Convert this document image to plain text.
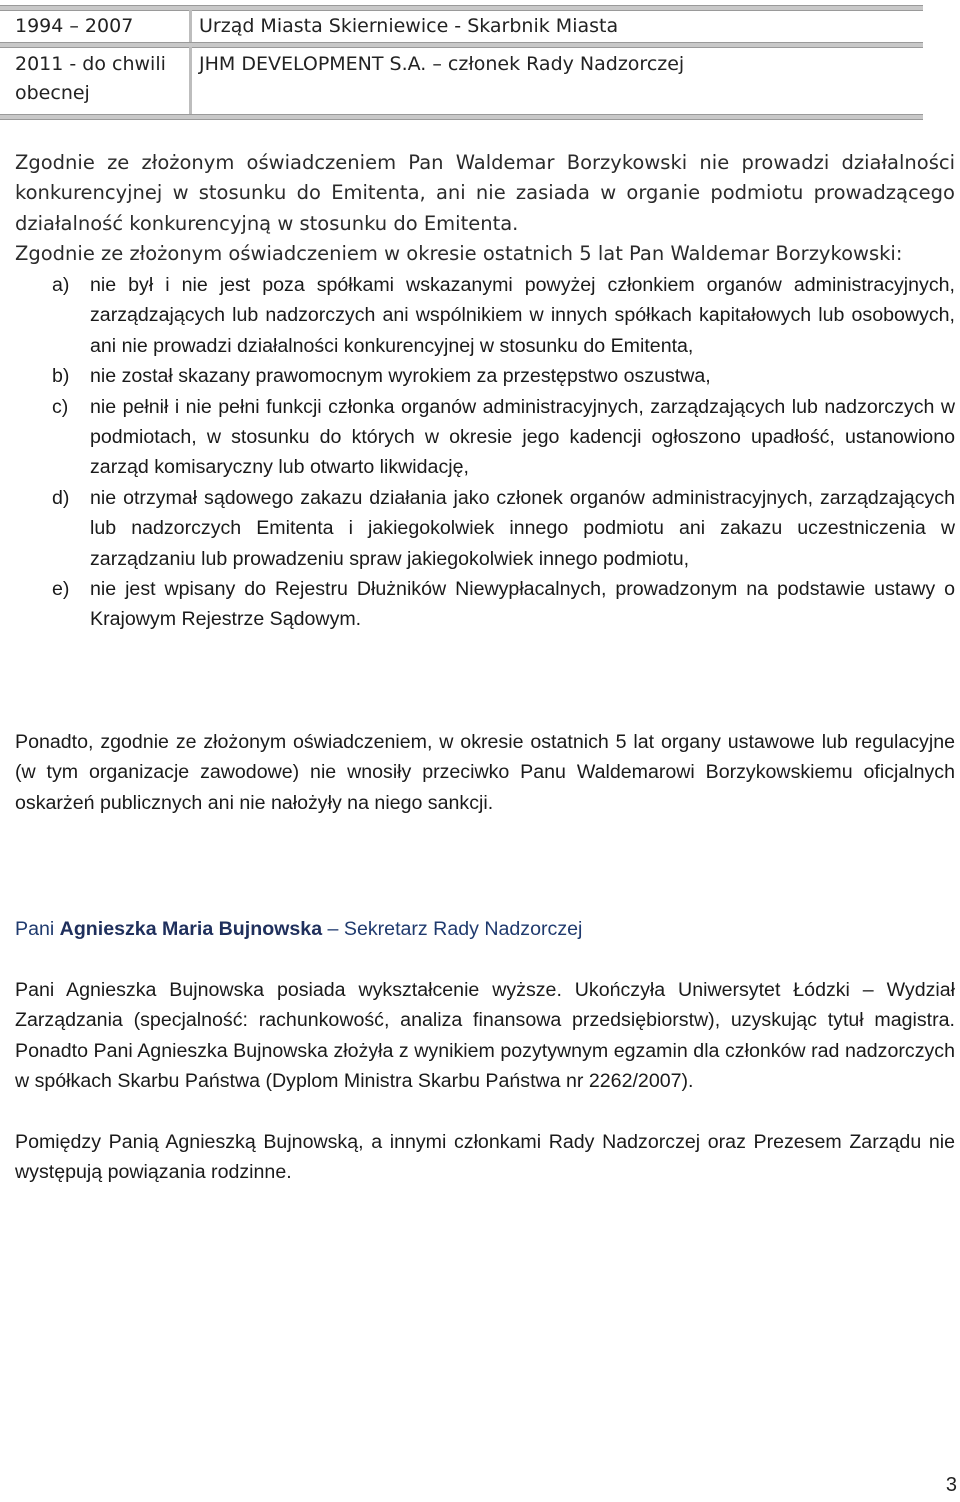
1994 – 2007	Urząd Miasta Skierniewice - Skarbnik Miasta
2011 - do chwili obecnej
JHM DEVELOPMENT S.A. – członek Rady Nadzorczej

Zgodnie ze złożonym oświadczeniem Pan Waldemar Borzykowski nie prowadzi działalności konkurencyjnej w stosunku do Emitenta, ani nie zasiada w organie podmiotu prowadzącego działalność konkurencyjną w stosunku do Emitenta.

Zgodnie ze złożonym oświadczeniem w okresie ostatnich 5 lat Pan Waldemar Borzykowski:

a) nie był i nie jest poza spółkami wskazanymi powyżej członkiem organów administracyjnych, zarządzających lub nadzorczych ani wspólnikiem w innych spółkach kapitałowych lub osobowych, ani nie prowadzi działalności konkurencyjnej w stosunku do Emitenta,
b) nie został skazany prawomocnym wyrokiem za przestępstwo oszustwa,
c) nie pełnił i nie pełni funkcji członka organów administracyjnych, zarządzających lub nadzorczych w podmiotach, w stosunku do których w okresie jego kadencji ogłoszono upadłość, ustanowiono zarząd komisaryczny lub otwarto likwidację,
d) nie otrzymał sądowego zakazu działania jako członek organów administracyjnych, zarządzających lub nadzorczych Emitenta i jakiegokolwiek innego podmiotu ani zakazu uczestniczenia w zarządzaniu lub prowadzeniu spraw jakiegokolwiek innego podmiotu,
e) nie jest wpisany do Rejestru Dłużników Niewypłacalnych, prowadzonym na podstawie ustawy o Krajowym Rejestrze Sądowym.

Ponadto, zgodnie ze złożonym oświadczeniem, w okresie ostatnich 5 lat organy ustawowe lub regulacyjne (w tym organizacje zawodowe) nie wnosiły przeciwko Panu Waldemarowi Borzykowskiemu oficjalnych oskarżeń publicznych ani nie nałożyły na niego sankcji.

Pani Agnieszka Maria Bujnowska – Sekretarz Rady Nadzorczej

Pani Agnieszka Bujnowska posiada wykształcenie wyższe. Ukończyła Uniwersytet Łódzki – Wydział Zarządzania (specjalność: rachunkowość, analiza finansowa przedsiębiorstw), uzyskując tytuł magistra. Ponadto Pani Agnieszka Bujnowska złożyła z wynikiem pozytywnym egzamin dla członków rad nadzorczych w spółkach Skarbu Państwa (Dyplom Ministra Skarbu Państwa nr 2262/2007).

Pomiędzy Panią Agnieszką Bujnowską, a innymi członkami Rady Nadzorczej oraz Prezesem Zarządu nie występują powiązania rodzinne.

3
